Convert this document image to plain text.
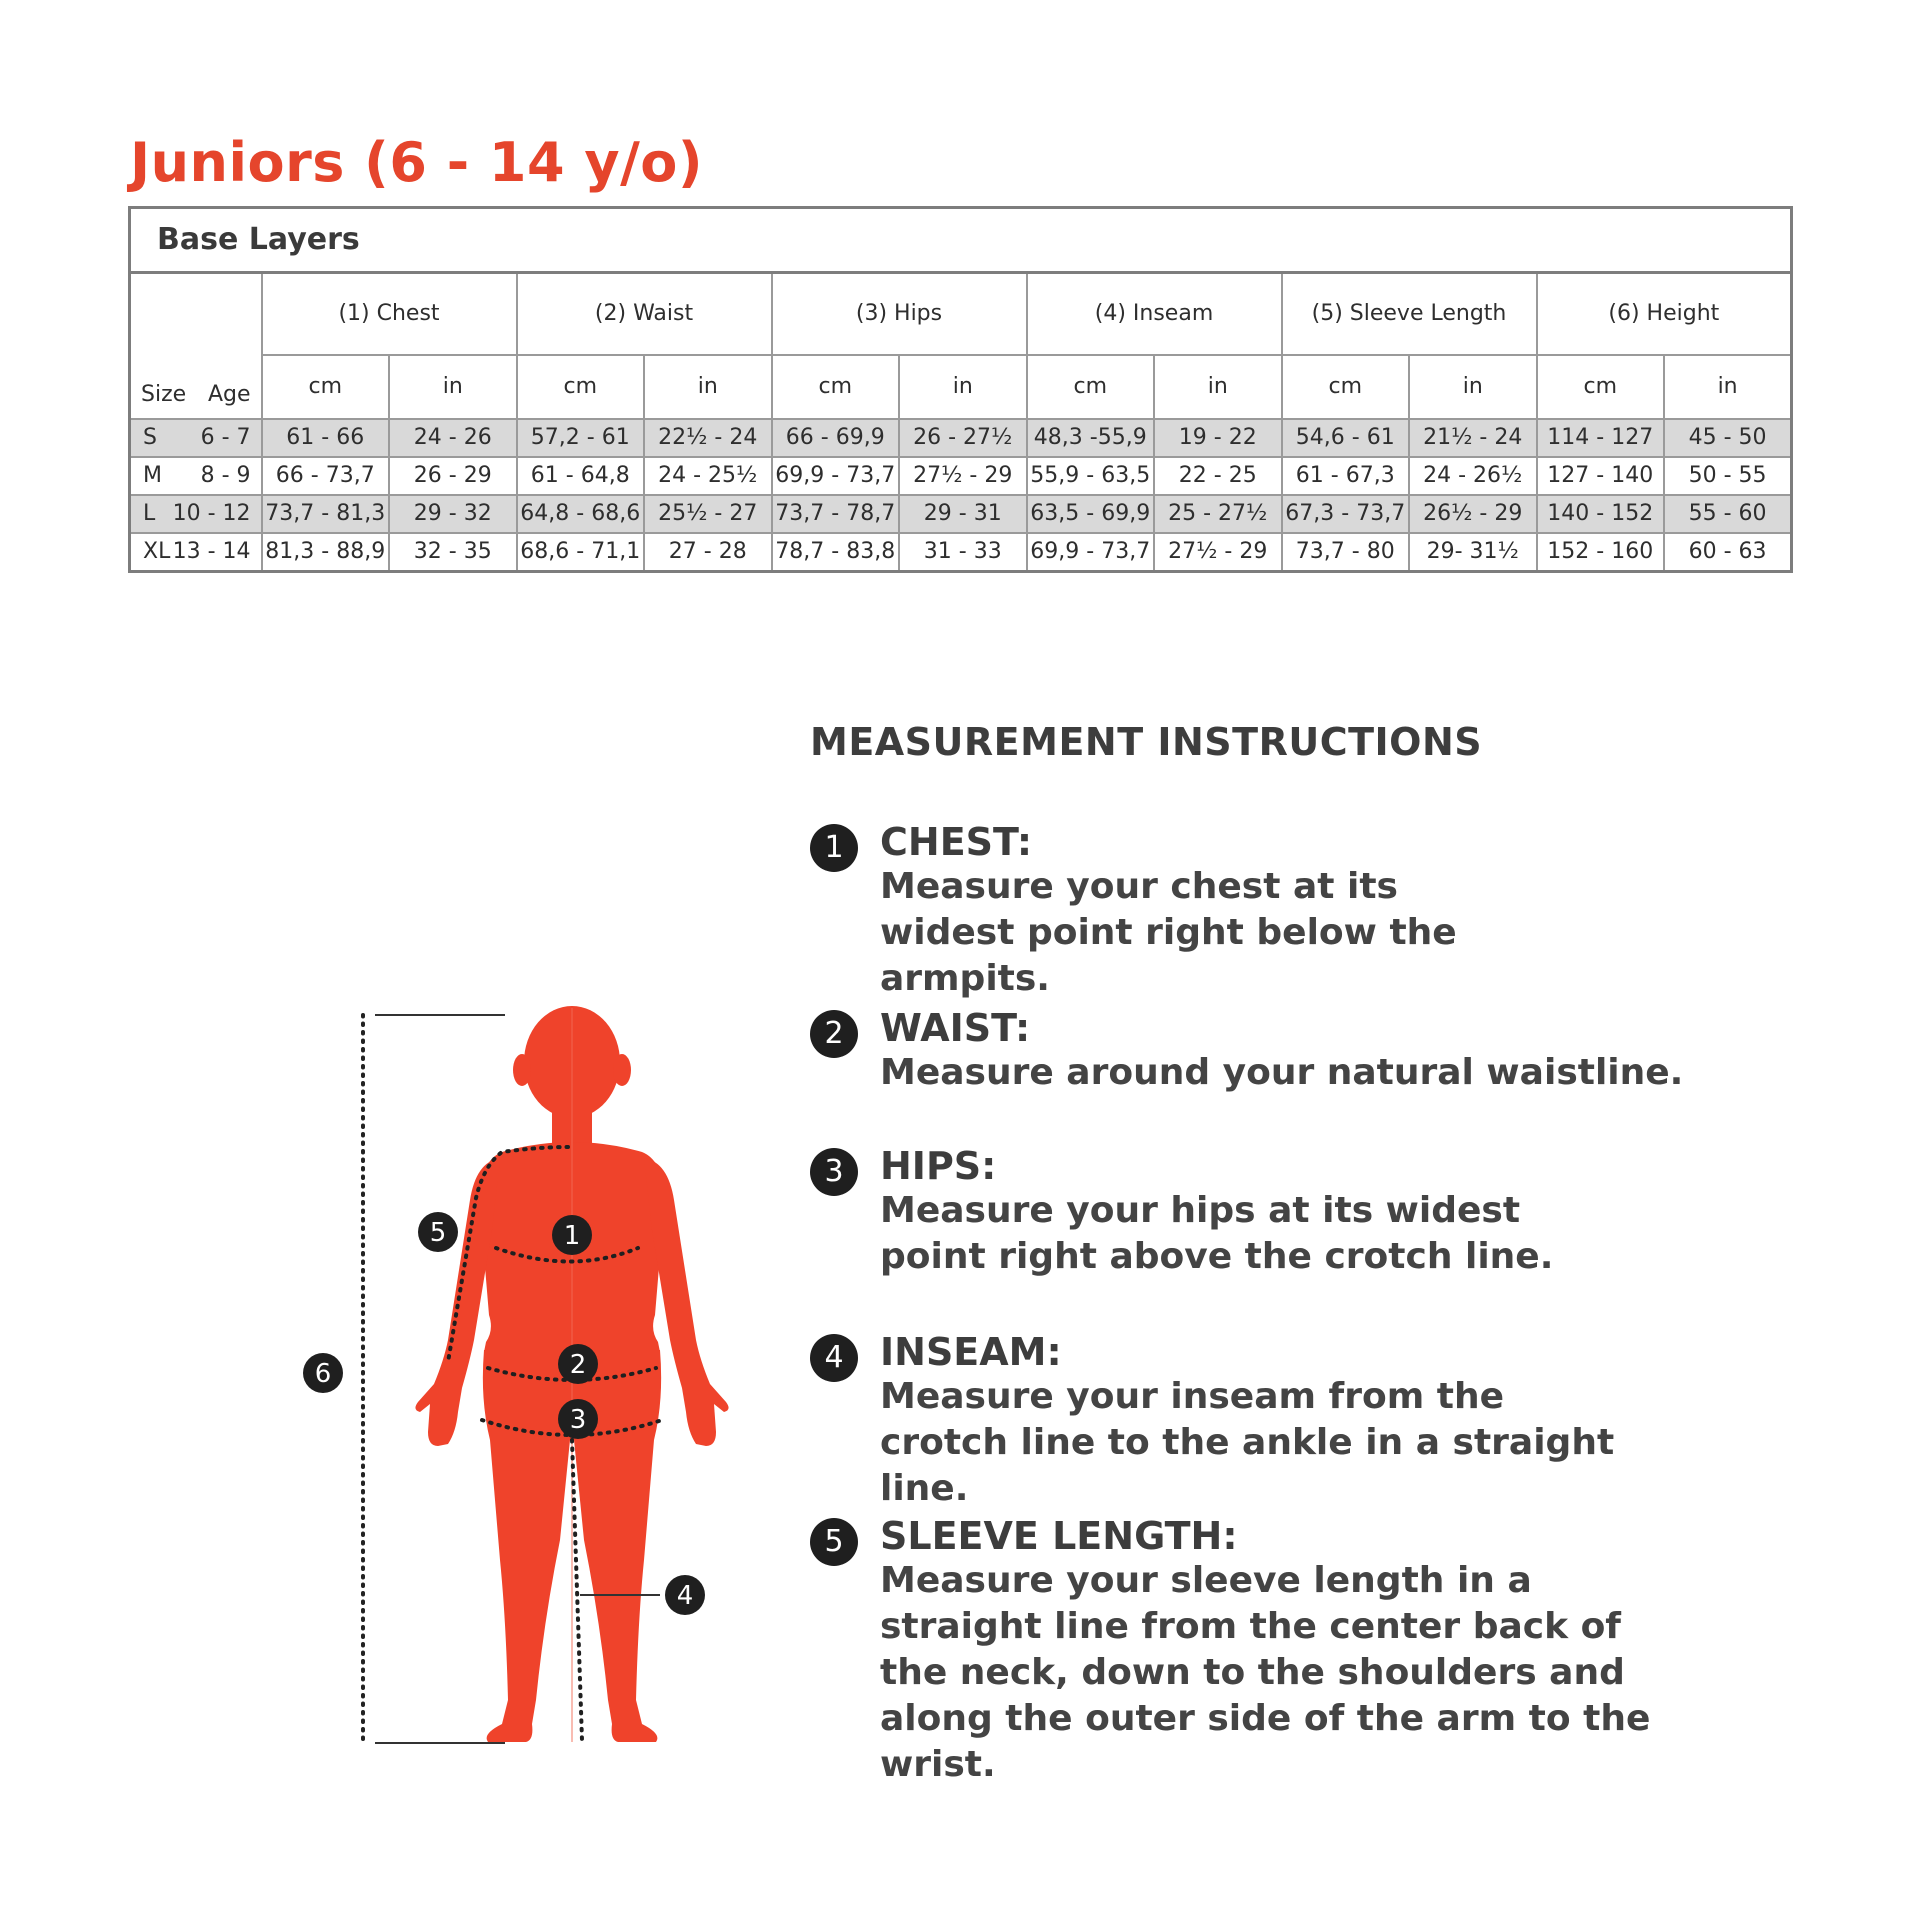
Juniors (6 - 14 y/o)
Base Layers												

Size Age	(1) Chest		(2) Waist		(3) Hips		(4) Inseam		(5) Sleeve Length		(6) Height	
	cm	in	cm	in	cm	in	cm	in	cm	in	cm	in

S 6 - 7	61 - 66	24 - 26	57,2 - 61	22½ - 24	66 - 69,9	26 - 27½	48,3 -55,9	19 - 22	54,6 - 61	21½ - 24	114 - 127	45 - 50

M 8 - 9	66 - 73,7	26 - 29	61 - 64,8	24 - 25½	69,9 - 73,7	27½ - 29	55,9 - 63,5	22 - 25	61 - 67,3	24 - 26½	127 - 140	50 - 55

L 10 - 12	73,7 - 81,3	29 - 32	64,8 - 68,6	25½ - 27	73,7 - 78,7	29 - 31	63,5 - 69,9	25 - 27½	67,3 - 73,7	26½ - 29	140 - 152	55 - 60

XL 13 - 14	81,3 - 88,9	32 - 35	68,6 - 71,1	27 - 28	78,7 - 83,8	31 - 33	69,9 - 73,7	27½ - 29	73,7 - 80	29- 31½	152 - 160	60 - 63
MEASUREMENT INSTRUCTIONS
1 CHEST:
Measure your chest at its widest point right below the armpits.
2 WAIST:
Measure around your natural waistline.
3 HIPS:
Measure your hips at its widest point right above the crotch line.
4 INSEAM:
Measure your inseam from the crotch line to the ankle in a straight line.
5 SLEEVE LENGTH:
Measure your sleeve length in a straight line from the center back of the neck, down to the shoulders and along the outer side of the arm to the wrist.
1
2
3
4
5
6
